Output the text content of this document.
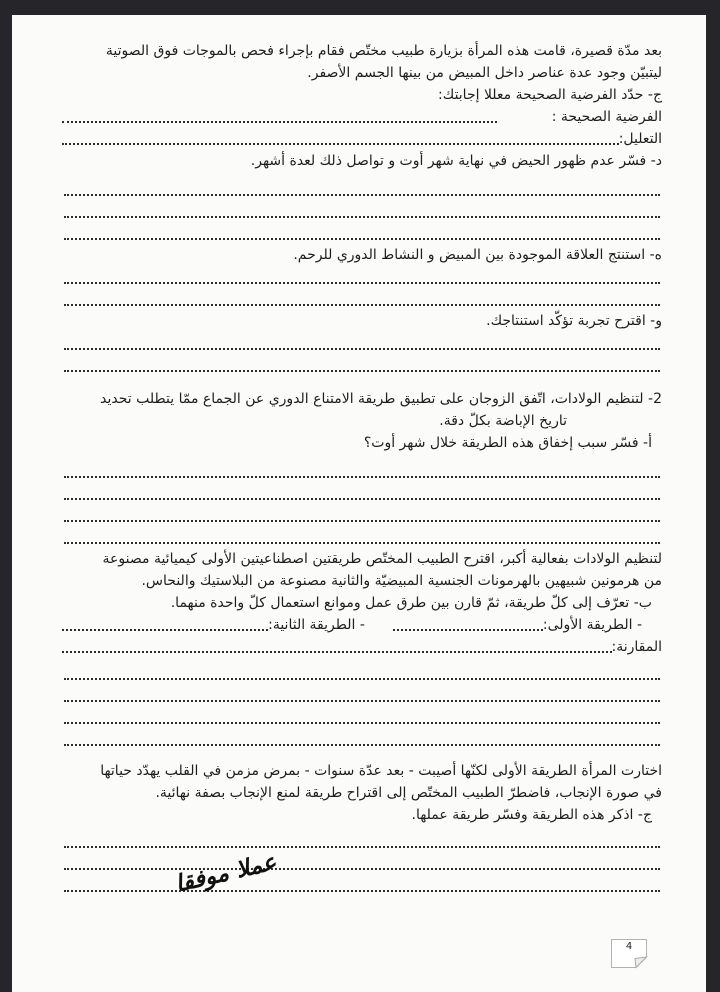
بعد مدّة قصيرة، قامت هذه المرأة بزيارة طبيب مختّص فقام بإجراء فحص بالموجات فوق الصوتية
ليتبيّن وجود عدة عناصر داخل المبيض من بينها الجسم الأصفر.
ج- حدّد الفرضية الصحيحة معللا إجابتك:
الفرضية الصحيحة :
التعليل:
د- فسّر عدم ظهور الحيض في نهاية شهر أوت و تواصل ذلك لعدة أشهر.
ه- استنتج العلاقة الموجودة بين المبيض و النشاط الدوري للرحم.
و- اقترح تجربة تؤكّد استنتاجك.
2- لتنظيم الولادات، اتّفق الزوجان على تطبيق طريقة الامتناع الدوري عن الجماع ممّا يتطلب تحديد
تاريخ الإباضة بكلّ دقة.
أ- فسّر سبب إخفاق هذه الطريقة خلال شهر أوت؟
لتنظيم الولادات بفعالية أكبر، اقترح الطبيب المختّص طريقتين اصطناعيتين الأولى كيميائية مصنوعة
من هرمونين شبيهين بالهرمونات الجنسية المبيضيّة والثانية مصنوعة من البلاستيك والنحاس.
ب- تعرّف إلى كلّ طريقة، ثمّ قارن بين طرق عمل وموانع استعمال كلّ واحدة منهما.
- الطريقة الأولى:
- الطريقة الثانية:
المقارنة:
اختارت المرأة الطريقة الأولى لكنّها أصيبت - بعد عدّة سنوات - بمرض مزمن في القلب يهدّد حياتها
في صورة الإنجاب، فاضطرّ الطبيب المختّص إلى اقتراح طريقة لمنع الإنجاب بصفة نهائية.
ج- اذكر هذه الطريقة وفسّر طريقة عملها.
عملا موفقا
4
